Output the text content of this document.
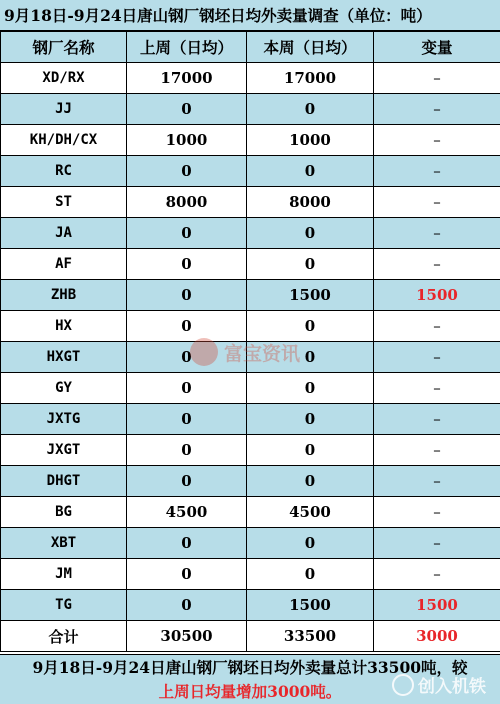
9月18日-9月24日唐山钢厂钢坯日均外卖量调查（单位：吨）
钢厂名称	上周（日均）	本周（日均）	变量
XD/RX	17000	17000	–
JJ	0	0	–
KH/DH/CX	1000	1000	–
RC	0	0	–
ST	8000	8000	–
JA	0	0	–
AF	0	0	–
ZHB	0	1500	1500
HX	0	0	–
HXGT	0	0	–
GY	0	0	–
JXTG	0	0	–
JXGT	0	0	–
DHGT	0	0	–
BG	4500	4500	–
XBT	0	0	–
JM	0	0	–
TG	0	1500	1500
合计	30500	33500	3000
富宝资讯
9月18日-9月24日唐山钢厂钢坯日均外卖量总计33500吨，较
上周日均量增加3000吨。	创入机铁
